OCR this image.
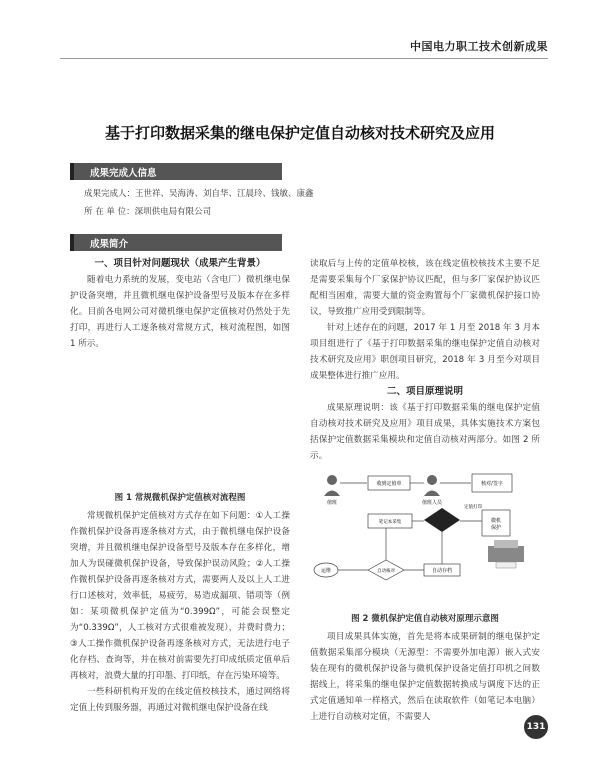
中国电力职工技术创新成果
基于打印数据采集的继电保护定值自动核对技术研究及应用
成果完成人信息
成果完成人：王世祥、吴海涛、刘自华、江晨玲、钱敏、康鑫
所 在 单 位：深圳供电局有限公司
成果简介

一、项目针对问题现状（成果产生背景）

随着电力系统的发展，变电站（含电厂）微机继电保护设备突增，并且微机继电保护设备型号及版本存在多样化。目前各电网公司对微机继电保护定值核对仍然处于先打印，再进行人工逐条核对常规方式，核对流程图，如图 1 所示。

图 1 常规微机保护定值核对流程图

常规微机保护定值核对方式存在如下问题：①人工操作微机保护设备再逐条核对方式，由于微机继电保护设备突增，并且微机继电保护设备型号及版本存在多样化，增加人为误碰微机保护设备，导致保护误动风险；②人工操作微机保护设备再逐条核对方式，需要两人及以上人工进行口述核对，效率低，易疲劳，易造成漏项、错项等（例如：某项微机保护定值为“0.399Ω”，可能会误整定为“0.339Ω”，人工核对方式很难被发现），并费时费力；③人工操作微机保护设备再逐条核对方式，无法进行电子化存档、查询等，并在核对前需要先打印成纸质定值单后再核对，浪费大量的打印墨、打印纸，存在污染环境等。

一些科研机构开发的在线定值校核技术，通过网络将定值上传到服务器，再通过对微机继电保护设备在线

读取后与上传的定值单校核，该在线定值校核技术主要不足是需要采集每个厂家保护协议匹配，但与多厂家保护协议匹配相当困难，需要大量的资金购置每个厂家微机保护接口协议，导致推广应用受到限制等。

针对上述存在的问题，2017 年 1 月至 2018 年 3 月本项目组进行了《基于打印数据采集的继电保护定值自动核对技术研究及应用》职创项目研究，2018 年 3 月至今对项目成果整体进行推广应用。

二、项目原理说明

成果原理说明：该《基于打印数据采集的继电保护定值自动核对技术研究及应用》项目成果，具体实施技术方案包括保护定值数据采集模块和定值自动核对两部分。如图 2 所示。

值班
收到定值单
值班人员
核对/签字
笔记本采集
定值打印
微机
保护
运维	自动核对	自动存档
图 2 微机保护定值自动核对原理示意图

项目成果具体实施，首先是将本成果研制的继电保护定值数据采集部分模块（无源型：不需要外加电源）嵌入式安装在现有的微机保护设备与微机保护设备定值打印机之间数据线上，将采集的继电保护定值数据转换成与调度下达的正式定值通知单一样格式，然后在读取软件（如笔记本电脑）上进行自动核对定值，不需要人

131
